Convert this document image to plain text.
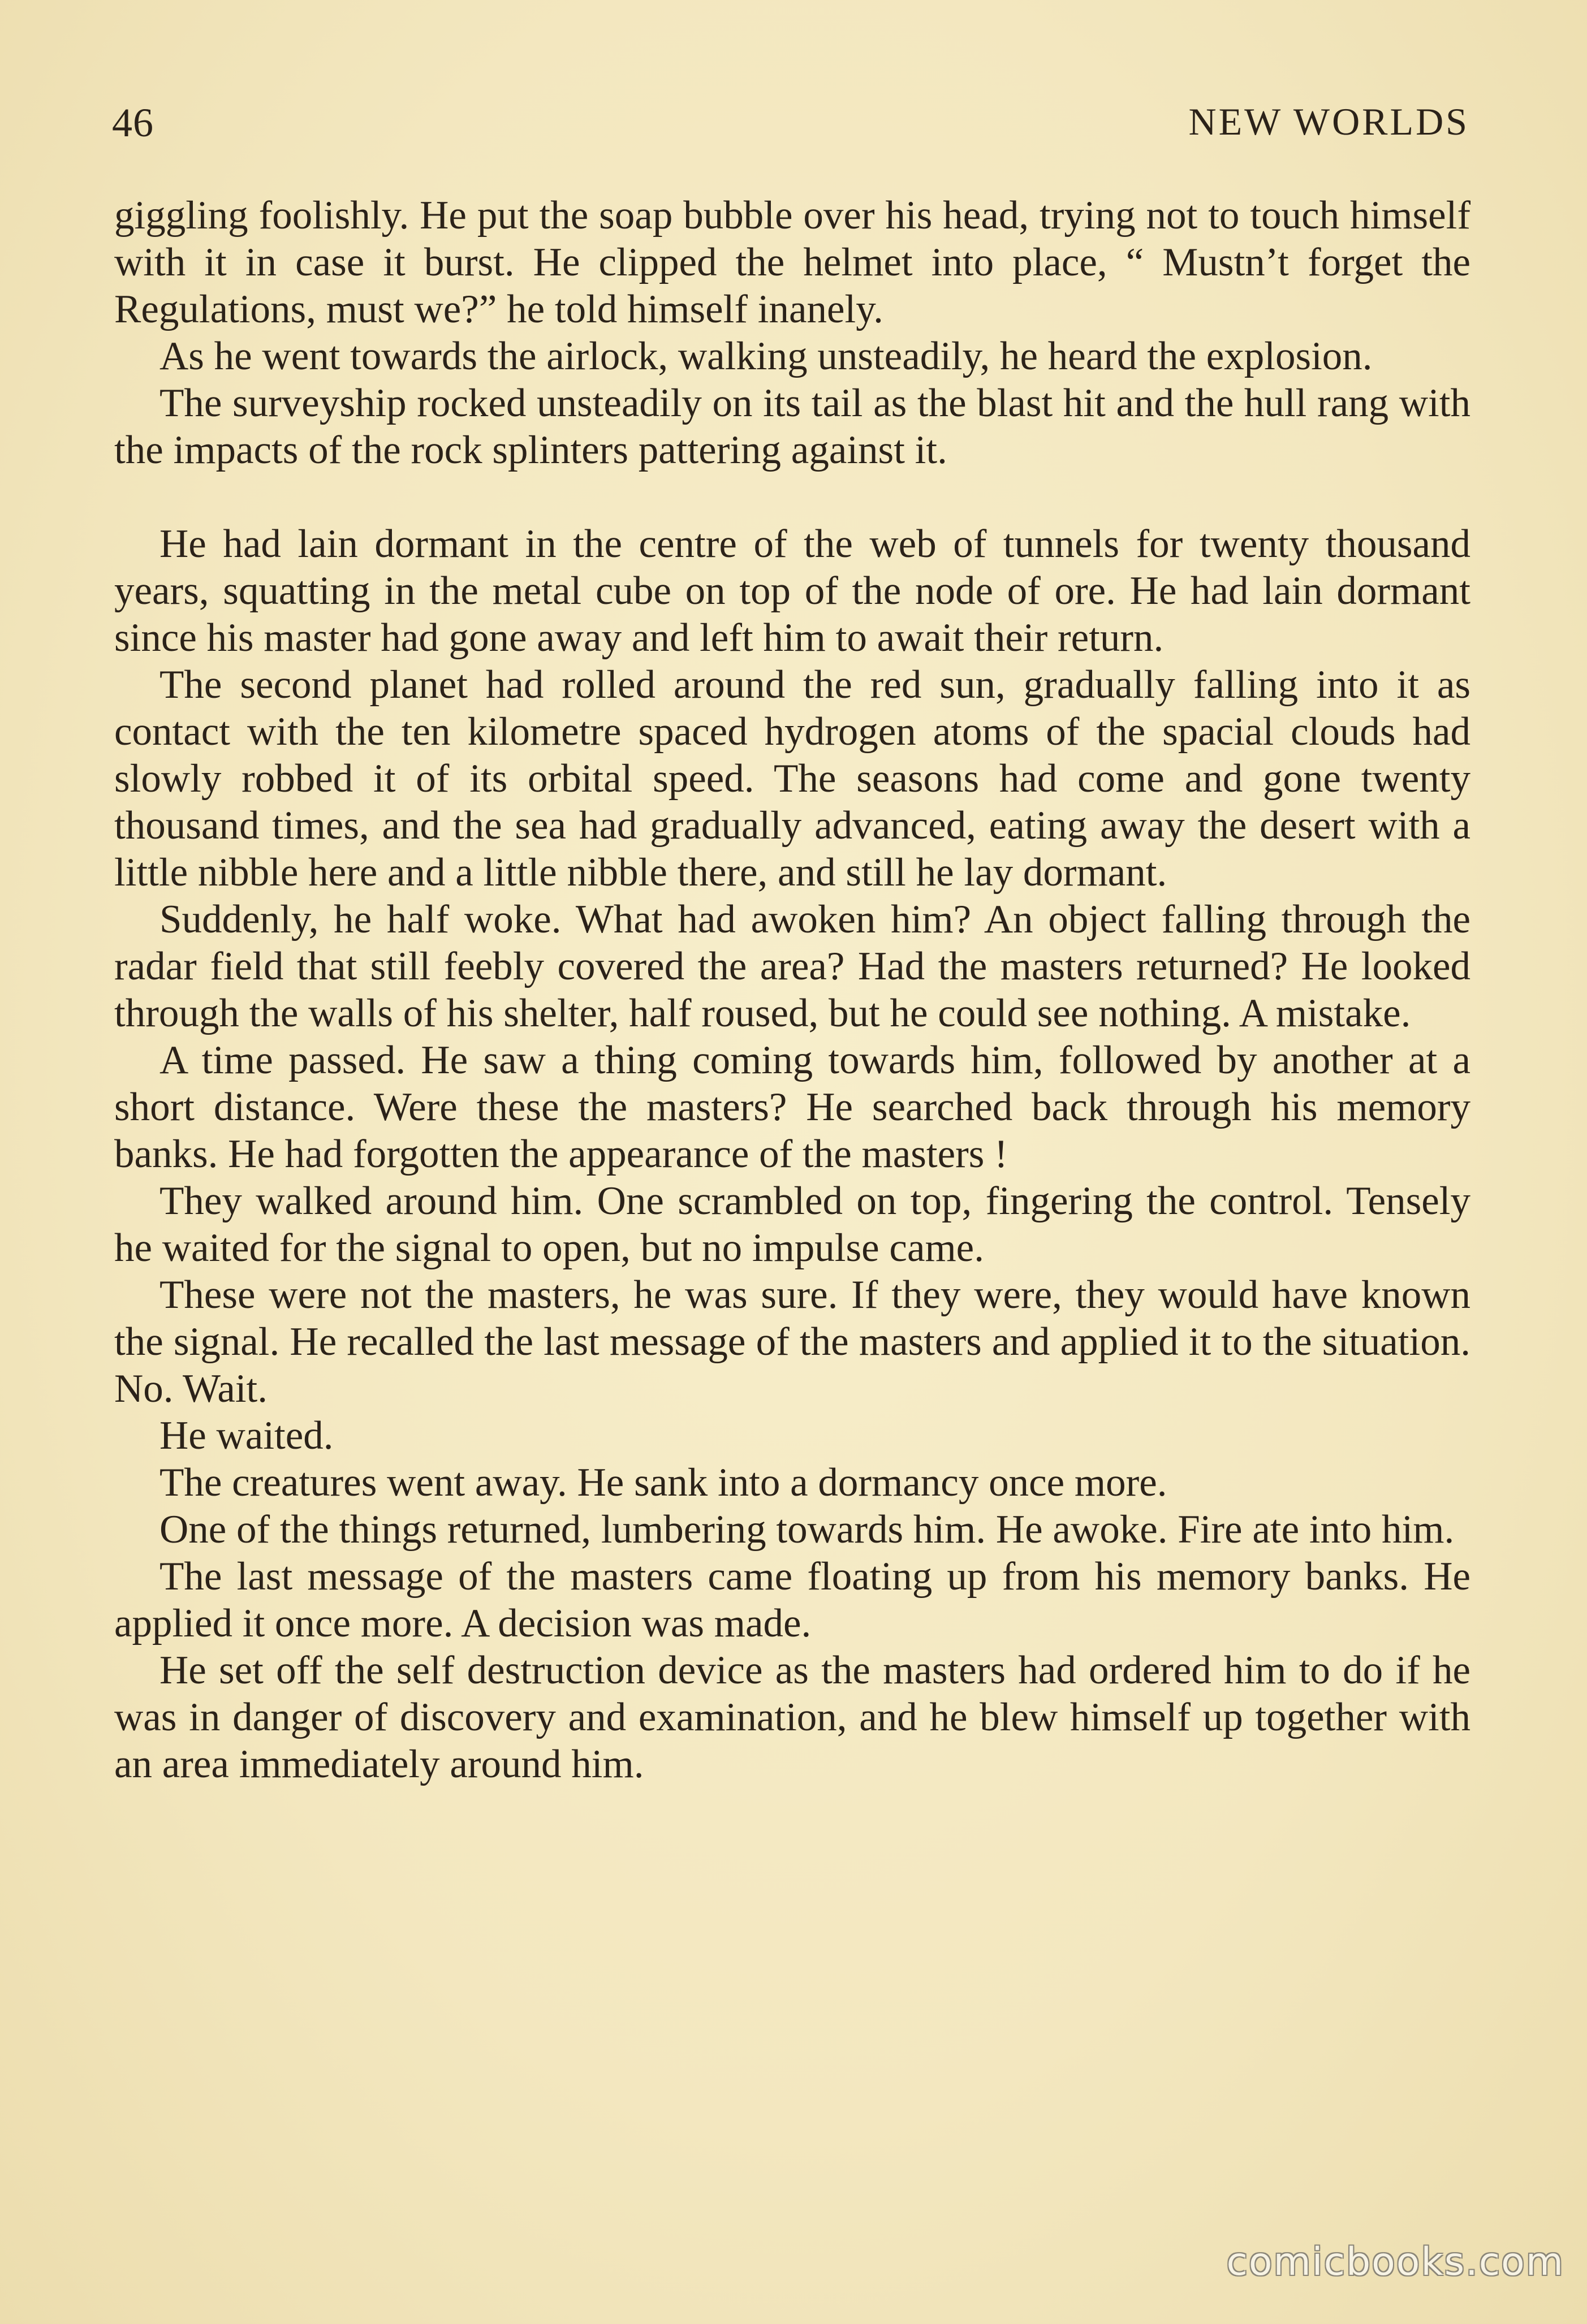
46	NEW WORLDS

giggling foolishly. He put the soap bubble over his head, trying not to touch himself with it in case it burst. He clipped the helmet into place, “ Mustn’t forget the Regulations, must we?” he told himself inanely.

As he went towards the airlock, walking unsteadily, he heard the explosion.

The surveyship rocked unsteadily on its tail as the blast hit and the hull rang with the impacts of the rock splinters pattering against it.

He had lain dormant in the centre of the web of tunnels for twenty thousand years, squatting in the metal cube on top of the node of ore. He had lain dormant since his master had gone away and left him to await their return.

The second planet had rolled around the red sun, gradually falling into it as contact with the ten kilometre spaced hydrogen atoms of the spacial clouds had slowly robbed it of its orbital speed. The seasons had come and gone twenty thousand times, and the sea had gradually advanced, eating away the desert with a little nibble here and a little nibble there, and still he lay dormant.

Suddenly, he half woke. What had awoken him? An object falling through the radar field that still feebly covered the area? Had the masters returned? He looked through the walls of his shelter, half roused, but he could see nothing. A mistake.

A time passed. He saw a thing coming towards him, followed by another at a short distance. Were these the masters? He searched back through his memory banks. He had forgotten the appearance of the masters !

They walked around him. One scrambled on top, fingering the control. Tensely he waited for the signal to open, but no impulse came.

These were not the masters, he was sure. If they were, they would have known the signal. He recalled the last message of the masters and applied it to the situation. No. Wait.

He waited.

The creatures went away. He sank into a dormancy once more.

One of the things returned, lumbering towards him. He awoke. Fire ate into him.

The last message of the masters came floating up from his memory banks. He applied it once more. A decision was made.

He set off the self destruction device as the masters had ordered him to do if he was in danger of discovery and examination, and he blew himself up together with an area immediately around him.

comicbooks.com
